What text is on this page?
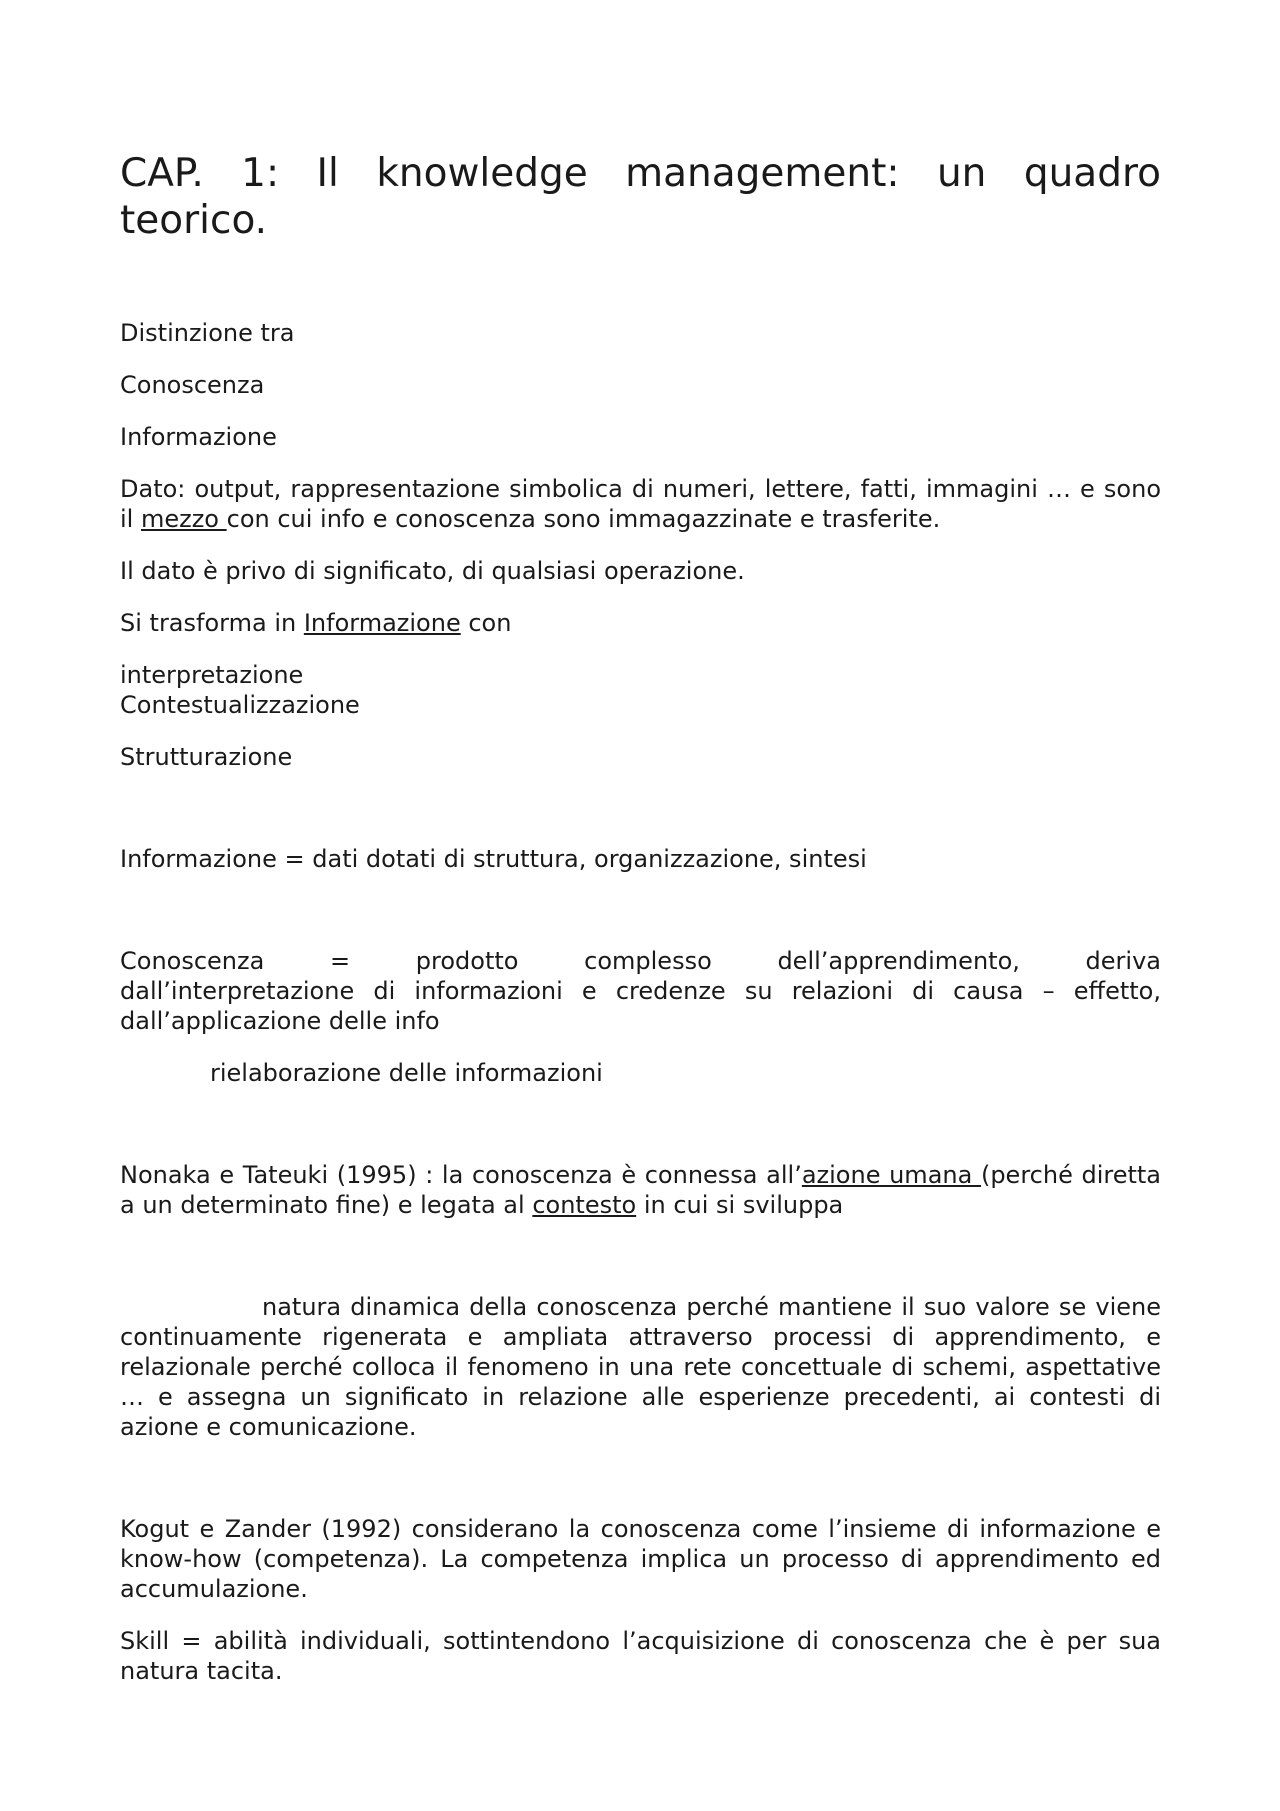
CAP. 1: Il knowledge management: un quadro teorico.

Distinzione tra

Conoscenza

Informazione

Dato: output, rappresentazione simbolica di numeri, lettere, fatti, immagini … e sono il mezzo con cui info e conoscenza sono immagazzinate e trasferite.

Il dato è privo di significato, di qualsiasi operazione.

Si trasforma in Informazione con

interpretazione

Contestualizzazione

Strutturazione

Informazione = dati dotati di struttura, organizzazione, sintesi

Conoscenza = prodotto complesso dell’apprendimento, deriva

dall’interpretazione di informazioni e credenze su relazioni di causa – effetto, dall’applicazione delle info

rielaborazione delle informazioni

Nonaka e Tateuki (1995) : la conoscenza è connessa all’azione umana (perché diretta a un determinato fine) e legata al contesto in cui si sviluppa

natura dinamica della conoscenza perché mantiene il suo valore se viene continuamente rigenerata e ampliata attraverso processi di apprendimento, e relazionale perché colloca il fenomeno in una rete concettuale di schemi, aspettative … e assegna un significato in relazione alle esperienze precedenti, ai contesti di azione e comunicazione.

Kogut e Zander (1992) considerano la conoscenza come l’insieme di informazione e know-how (competenza). La competenza implica un processo di apprendimento ed accumulazione.

Skill = abilità individuali, sottintendono l’acquisizione di conoscenza che è per sua natura tacita.
